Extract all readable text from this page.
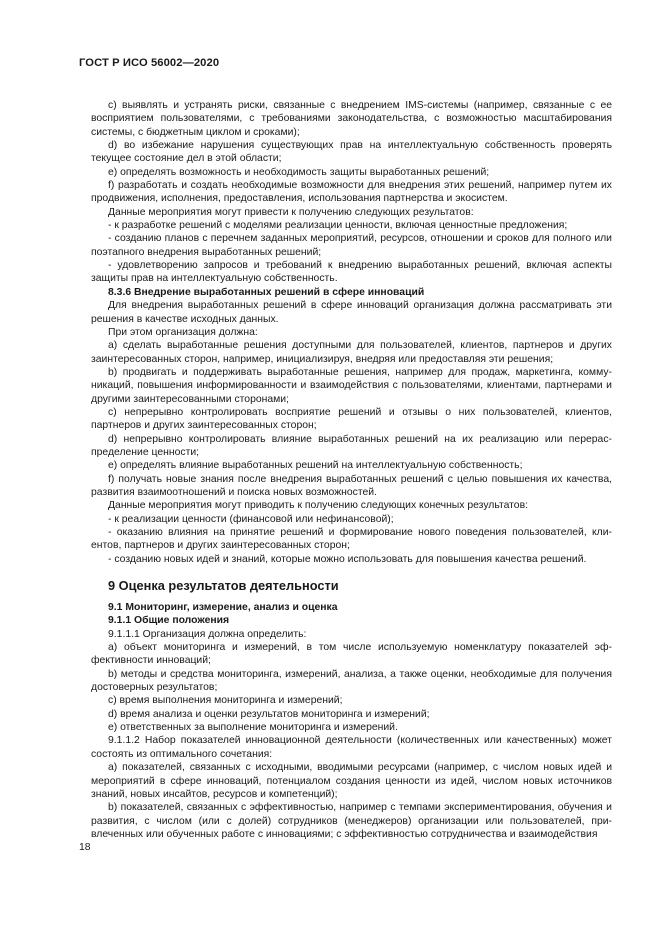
ГОСТ Р ИСО 56002—2020

c) выявлять и устранять риски, связанные с внедрением IMS-системы (например, связанные с ее восприятием пользователями, с требованиями законодательства, с возможностью масштабирования системы, с бюджетным циклом и сроками);

d) во избежание нарушения существующих прав на интеллектуальную собственность проверять текущее состояние дел в этой области;

e) определять возможность и необходимость защиты выработанных решений;

f) разработать и создать необходимые возможности для внедрения этих решений, например путем их продвижения, исполнения, предоставления, использования партнерства и экосистем.

Данные мероприятия могут привести к получению следующих результатов:

- к разработке решений с моделями реализации ценности, включая ценностные предложения;

- созданию планов с перечнем заданных мероприятий, ресурсов, отношении и сроков для полного или поэтапного внедрения выработанных решений;

- удовлетворению запросов и требований к внедрению выработанных решений, включая аспекты защиты прав на интеллектуальную собственность.

8.3.6 Внедрение выработанных решений в сфере инноваций

Для внедрения выработанных решений в сфере инноваций организация должна рассматривать эти решения в качестве исходных данных.

При этом организация должна:

a) сделать выработанные решения доступными для пользователей, клиентов, партнеров и других заинтересованных сторон, например, инициализируя, внедряя или предоставляя эти решения;

b) продвигать и поддерживать выработанные решения, например для продаж, маркетинга, коммуникаций, повышения информированности и взаимодействия с пользователями, клиентами, партнерами и другими заинтересованными сторонами;

c) непрерывно контролировать восприятие решений и отзывы о них пользователей, клиентов, партнеров и других заинтересованных сторон;

d) непрерывно контролировать влияние выработанных решений на их реализацию или перераспределение ценности;

e) определять влияние выработанных решений на интеллектуальную собственность;

f) получать новые знания после внедрения выработанных решений с целью повышения их качества, развития взаимоотношений и поиска новых возможностей.

Данные мероприятия могут приводить к получению следующих конечных результатов:

- к реализации ценности (финансовой или нефинансовой);

- оказанию влияния на принятие решений и формирование нового поведения пользователей, клиентов, партнеров и других заинтересованных сторон;

- созданию новых идей и знаний, которые можно использовать для повышения качества решений.

9 Оценка результатов деятельности

9.1 Мониторинг, измерение, анализ и оценка

9.1.1 Общие положения

9.1.1.1 Организация должна определить:

a) объект мониторинга и измерений, в том числе используемую номенклатуру показателей эффективности инноваций;

b) методы и средства мониторинга, измерений, анализа, а также оценки, необходимые для получения достоверных результатов;

c) время выполнения мониторинга и измерений;

d) время анализа и оценки результатов мониторинга и измерений;

e) ответственных за выполнение мониторинга и измерений.

9.1.1.2 Набор показателей инновационной деятельности (количественных или качественных) может состоять из оптимального сочетания:

a) показателей, связанных с исходными, вводимыми ресурсами (например, с числом новых идей и мероприятий в сфере инноваций, потенциалом создания ценности из идей, числом новых источников знаний, новых инсайтов, ресурсов и компетенций);

b) показателей, связанных с эффективностью, например с темпами экспериментирования, обучения и развития, с числом (или с долей) сотрудников (менеджеров) организации или пользователей, привлеченных или обученных работе с инновациями; с эффективностью сотрудничества и взаимодействия

18
